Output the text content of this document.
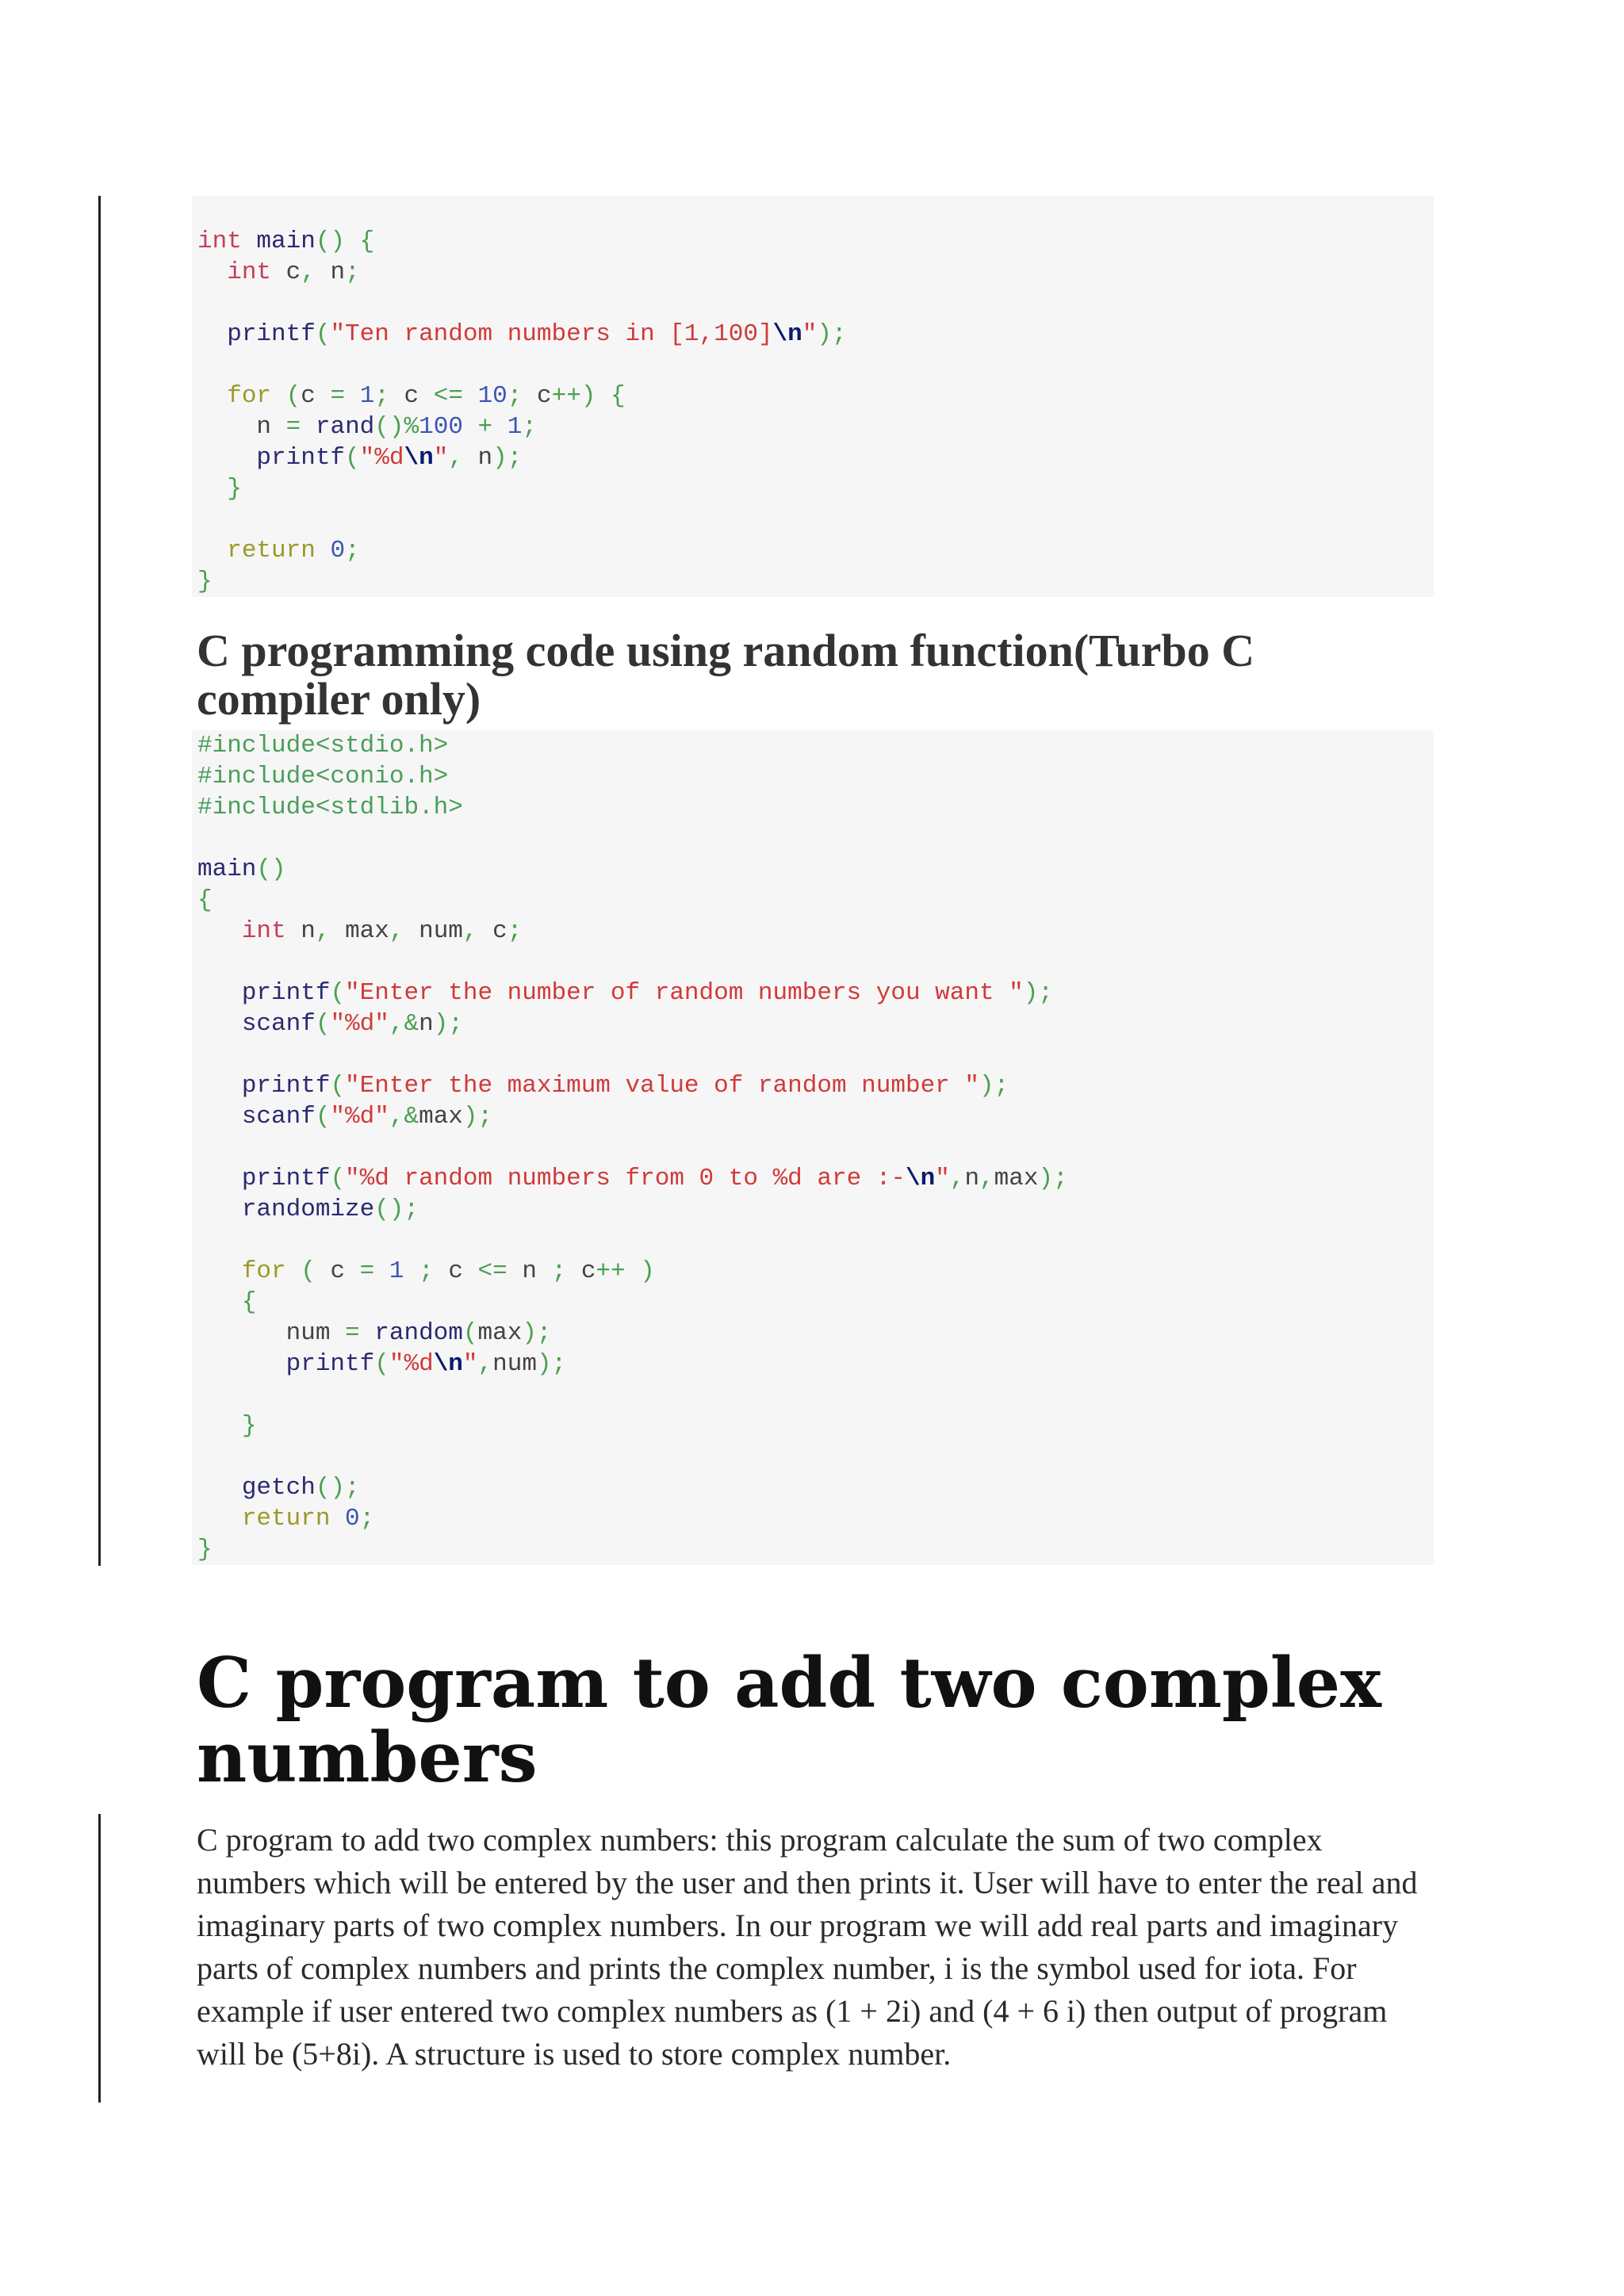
int main() {
int c, n;
printf("Ten random numbers in [1,100]\n");
for (c = 1; c <= 10; c++) {
n = rand()%100 + 1;
printf("%d\n", n);
}
return 0;
}
C programming code using random function(Turbo C compiler only)
#include<stdio.h>
#include<conio.h>
#include<stdlib.h>
main()
{
int n, max, num, c;
printf("Enter the number of random numbers you want ");
scanf("%d",&n);
printf("Enter the maximum value of random number ");
scanf("%d",&max);
printf("%d random numbers from 0 to %d are :-\n",n,max);
randomize();
for ( c = 1 ; c <= n ; c++ )
{
num = random(max);
printf("%d\n",num);
}
getch();
return 0;
}
C program to add two complex numbers

C program to add two complex numbers: this program calculate the sum of two complex numbers which will be entered by the user and then prints it. User will have to enter the real and imaginary parts of two complex numbers. In our program we will add real parts and imaginary parts of complex numbers and prints the complex number, i is the symbol used for iota. For example if user entered two complex numbers as (1 + 2i) and (4 + 6 i) then output of program will be (5+8i). A structure is used to store complex number.
